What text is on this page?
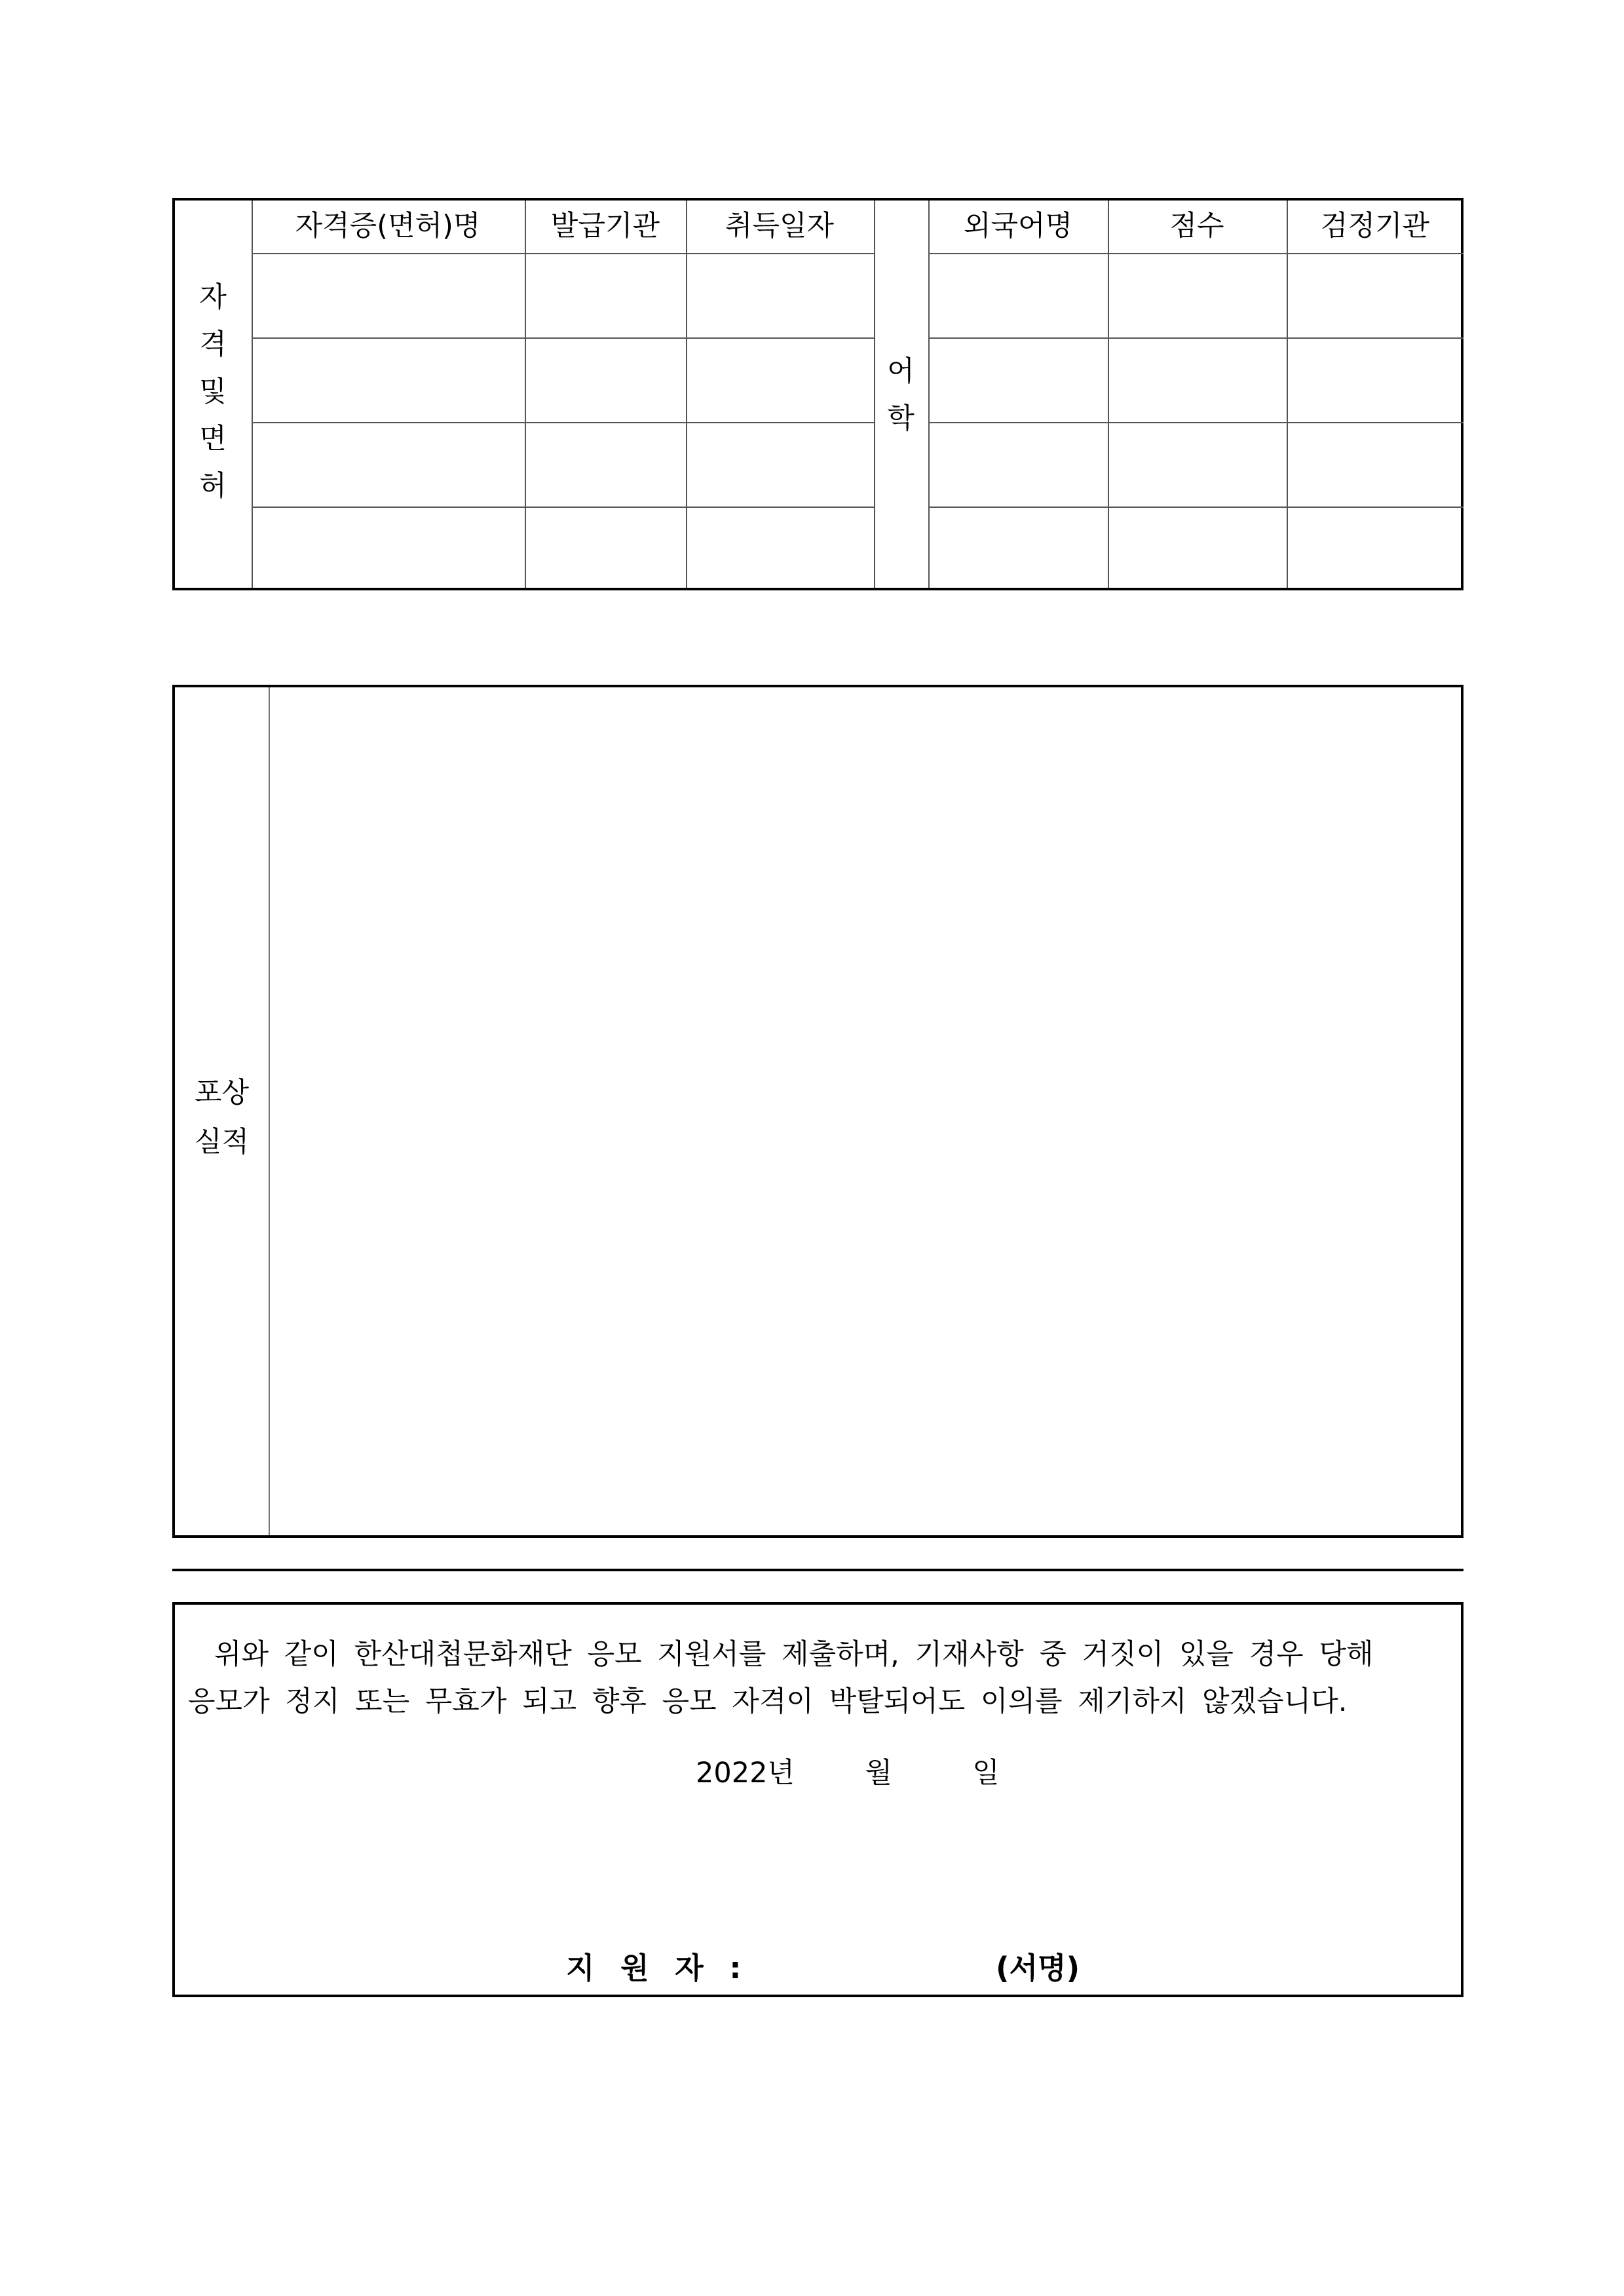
자
격
및
면
허
자격증(면허)명	발급기관 취득일자
어
학
외국어명	점수	검정기관
포상
실적
위와 같이 한산대첩문화재단 응모 지원서를 제출하며, 기재사항 중 거짓이 있을 경우 당해
응모가 정지 또는 무효가 되고 향후 응모 자격이 박탈되어도 이의를 제기하지 않겠습니다.
2022년 월	일
지 원 자 :	(서명)
